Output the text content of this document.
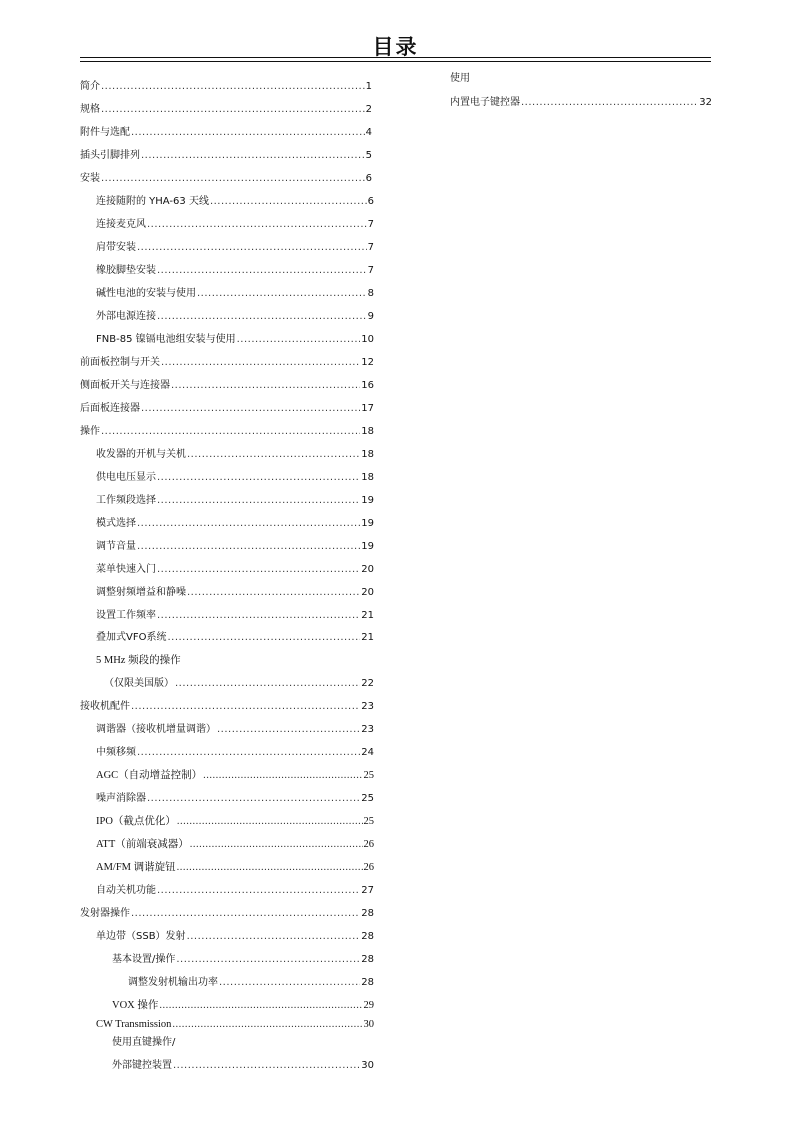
目录
简介 .....	1
规格 .....	2
附件与选配 .....	4
插头引脚排列 .....	5
安装 .....	6
连接随附的 YHA-63 天线 .....	6
连接麦克风 .....	7
肩带安装 .....	7
橡胶脚垫安装 .....	7
碱性电池的安装与使用 .....	8
外部电源连接 .....	9
FNB-85 镍镉电池组安装与使用 .....	10
前面板控制与开关 .....	12
侧面板开关与连接器 .....	16
后面板连接器 .....	17
操作 .....	18
收发器的开机与关机 .....	18
供电电压显示 .....	18
工作频段选择 .....	19
模式选择 .....	19
调节音量 .....	19
菜单快速入门 .....	20
调整射频增益和静噪 .....	20
设置工作频率 .....	21
叠加式VFO系统 .....	21
5 MHz 频段的操作
（仅限美国版） .....	22
接收机配件 .....	23
调谐器（接收机增量调谐） .....	23
中频移频 .....	24
AGC（自动增益控制） .....	25
噪声消除器 .....	25
IPO（截点优化） .....	25
ATT（前端衰减器） .....	26
AM/FM 调谐旋钮 .....	26
自动关机功能 .....	27
发射器操作 .....	28
单边带（SSB）发射 .....	28
基本设置/操作 .....	28
调整发射机输出功率 .....	28
VOX 操作 .....	29
CW Transmission .....	30
使用直键操作/
外部键控装置 .....	30
使用
内置电子键控器 .....	32
